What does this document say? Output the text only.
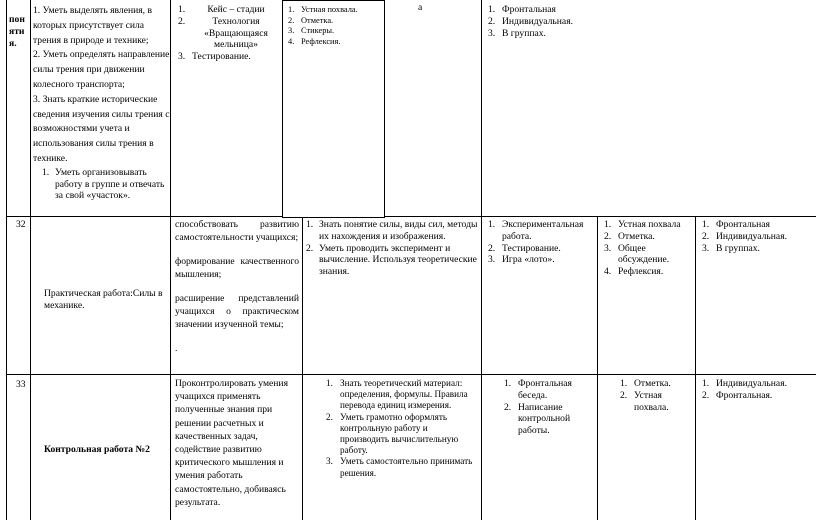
пон яти я.

1. Уметь выделять явления, в которых присутствует сила трения в природе и технике;

2. Уметь определять направление силы трения при движении колесного транспорта;

3. Знать краткие исторические сведения изучения силы трения с возможностями учета и использования силы трения в технике.

Уметь организовывать работу в группе и отвечать за свой «участок».
Кейс – стадии
Технология «Вращающаяся мельница»
Тестирование.
Устная похвала.
Отметка.
Стикеры.
Рефлексия.
а	Фронтальная
Индивидуальная.
В группах.
32
Практическая работа:Силы в механике.

способствовать развитию самостоятельности учащихся;

формирование качественного мышления;

расширение представлений учащихся о практическом значении изученной темы;

.

Знать понятие силы, виды сил, методы их нахождения и изображения.
Уметь проводить эксперимент и вычисление. Используя теоретические знания.
Экспериментальная работа.
Тестирование.
Игра «лото».
Устная похвала
Отметка.
Общее обсуждение.
Рефлексия.
Фронтальная
Индивидуальная.
В группах.
33
Контрольная работа №2
Проконтролировать умения учащихся применять полученные знания при решении расчетных и качественных задач, содействие развитию критического мышления и умения работать самостоятельно, добиваясь результата.
Знать теоретический материал: определения, формулы. Правила перевода единиц измерения.
Уметь грамотно оформлять контрольную работу и производить вычислительную работу.
Уметь самостоятельно принимать решения.
Фронтальная беседа.
Написание контрольной работы.
Отметка.
Устная похвала.
Индивидуальная.
Фронтальная.
